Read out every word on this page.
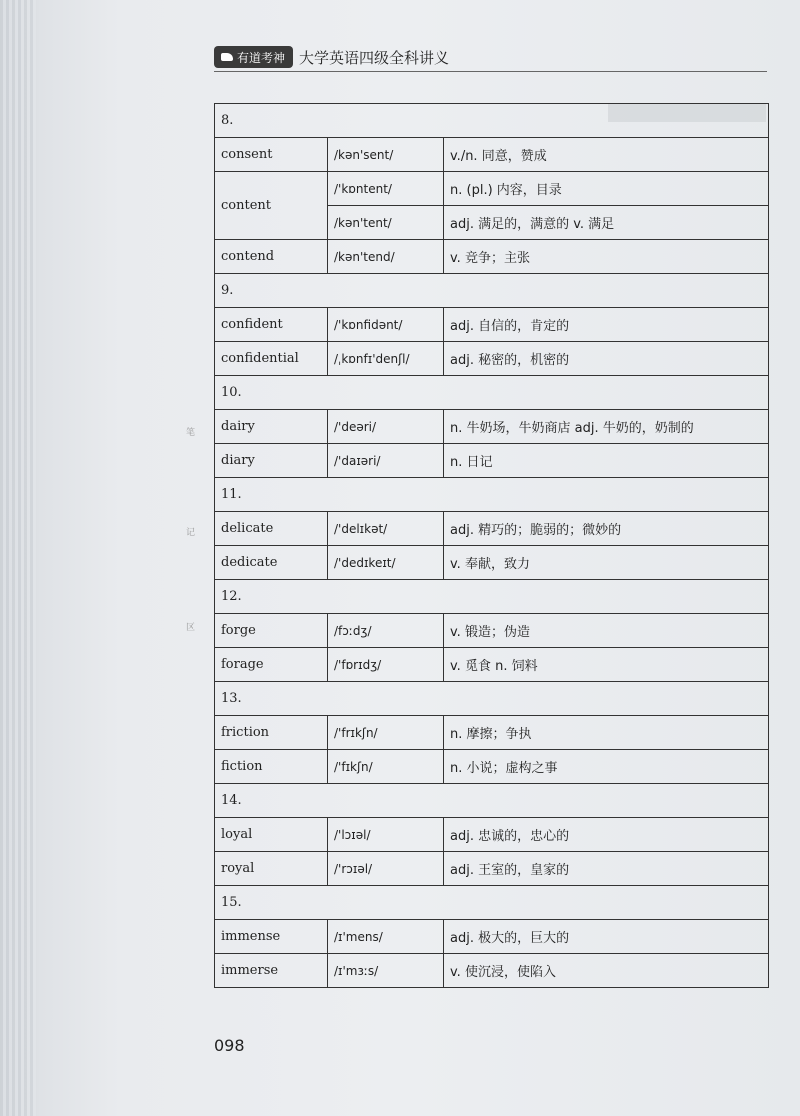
有道考神 大学英语四级全科讲义
笔
记
区
8.		
consent	/kən'sent/	v./n. 同意，赞成
content	/'kɒntent/	n. (pl.) 内容，目录
	/kən'tent/	adj. 满足的，满意的 v. 满足
contend	/kən'tend/	v. 竞争；主张
9.		
confident	/'kɒnfidənt/	adj. 自信的，肯定的
confidential	/ˌkɒnfɪ'denʃl/	adj. 秘密的，机密的
10.		
dairy	/'deəri/	n. 牛奶场，牛奶商店 adj. 牛奶的，奶制的
diary	/'daɪəri/	n. 日记
11.		
delicate	/'delɪkət/	adj. 精巧的；脆弱的；微妙的
dedicate	/'dedɪkeɪt/	v. 奉献，致力
12.		
forge	/fɔːdʒ/	v. 锻造；伪造
forage	/'fɒrɪdʒ/	v. 觅食 n. 饲料
13.		
friction	/'frɪkʃn/	n. 摩擦；争执
fiction	/'fɪkʃn/	n. 小说；虚构之事
14.		
loyal	/'lɔɪəl/	adj. 忠诚的，忠心的
royal	/'rɔɪəl/	adj. 王室的，皇家的
15.		
immense	/ɪ'mens/	adj. 极大的，巨大的
immerse	/ɪ'mɜːs/	v. 使沉浸，使陷入
098
